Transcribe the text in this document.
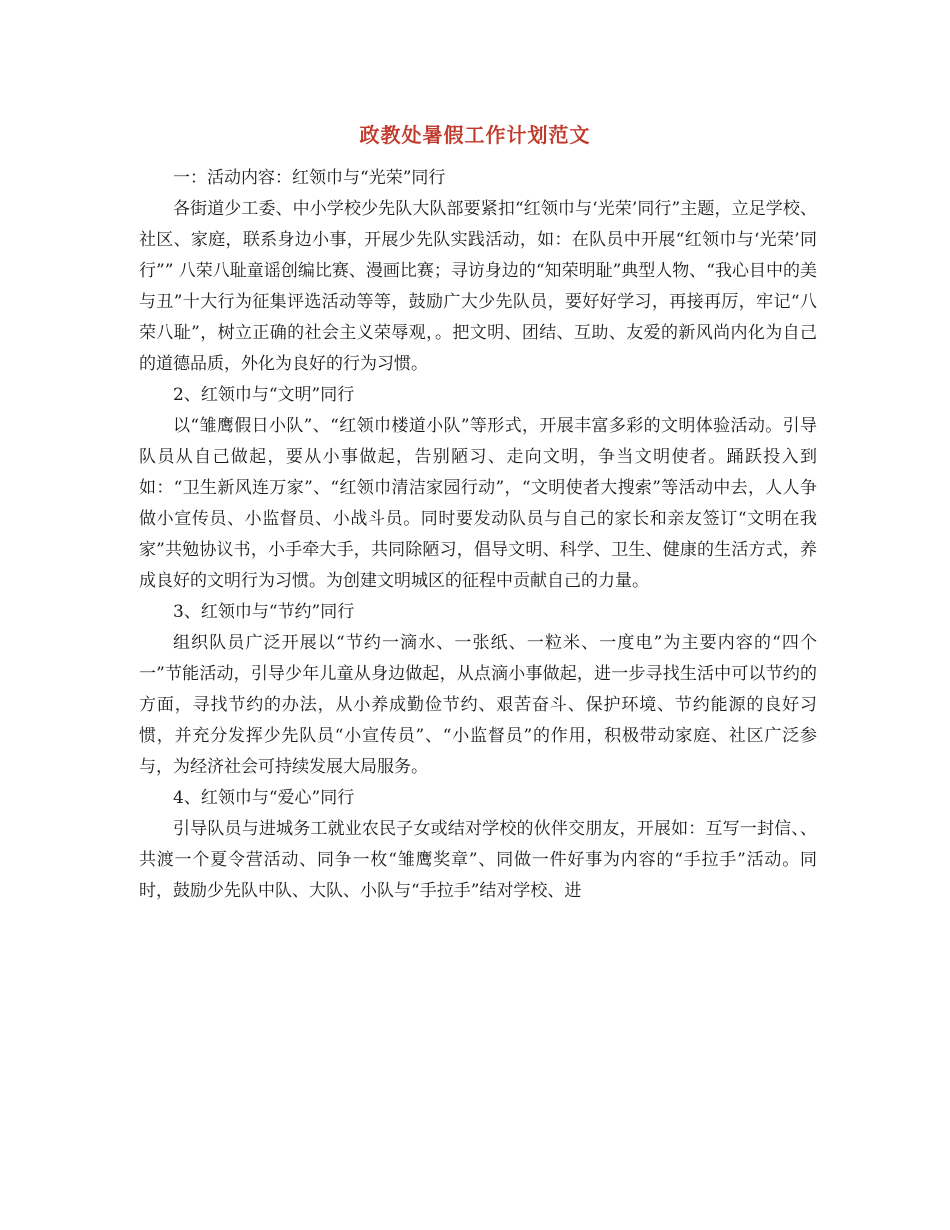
政教处暑假工作计划范文

一：活动内容：红领巾与“光荣”同行

各街道少工委、中小学校少先队大队部要紧扣“红领巾与‘光荣’同行”主题，立足学校、社区、家庭，联系身边小事，开展少先队实践活动，如：在队员中开展“红领巾与‘光荣’同行”” 八荣八耻童谣创编比赛、漫画比赛；寻访身边的“知荣明耻”典型人物、“我心目中的美与丑”十大行为征集评选活动等等，鼓励广大少先队员，要好好学习，再接再厉，牢记“八荣八耻”，树立正确的社会主义荣辱观，。把文明、团结、互助、友爱的新风尚内化为自己的道德品质，外化为良好的行为习惯。

2、红领巾与“文明”同行

以“雏鹰假日小队”、“红领巾楼道小队”等形式，开展丰富多彩的文明体验活动。引导队员从自己做起，要从小事做起，告别陋习、走向文明，争当文明使者。踊跃投入到如：“卫生新风连万家”、“红领巾清洁家园行动”，“文明使者大搜索”等活动中去，人人争做小宣传员、小监督员、小战斗员。同时要发动队员与自己的家长和亲友签订“文明在我家”共勉协议书，小手牵大手，共同除陋习，倡导文明、科学、卫生、健康的生活方式，养成良好的文明行为习惯。为创建文明城区的征程中贡献自己的力量。

3、红领巾与“节约”同行

组织队员广泛开展以“节约一滴水、一张纸、一粒米、一度电”为主要内容的“四个一”节能活动，引导少年儿童从身边做起，从点滴小事做起，进一步寻找生活中可以节约的方面，寻找节约的办法，从小养成勤俭节约、艰苦奋斗、保护环境、节约能源的良好习惯，并充分发挥少先队员“小宣传员”、“小监督员”的作用，积极带动家庭、社区广泛参与，为经济社会可持续发展大局服务。

4、红领巾与“爱心”同行

引导队员与进城务工就业农民子女或结对学校的伙伴交朋友，开展如：互写一封信、、共渡一个夏令营活动、同争一枚“雏鹰奖章”、同做一件好事为内容的“手拉手”活动。同时，鼓励少先队中队、大队、小队与“手拉手”结对学校、进
